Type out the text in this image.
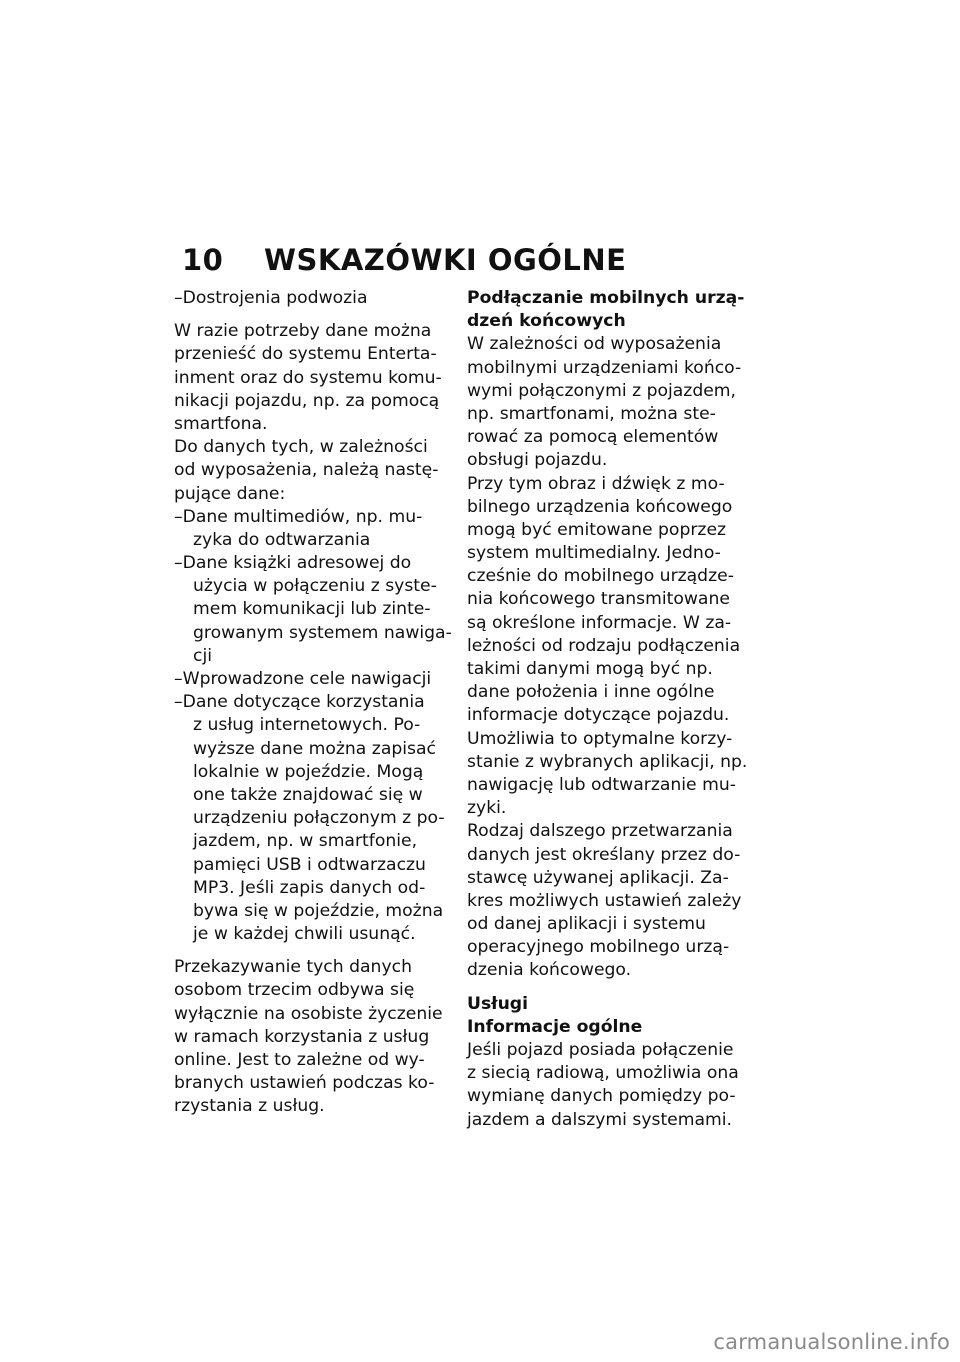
10 WSKAZÓWKI OGÓLNE
–Dostrojenia podwozia
W razie potrzeby dane można
przenieść do systemu Enterta-
inment oraz do systemu komu-
nikacji pojazdu, np. za pomocą
smartfona.
Do danych tych, w zależności
od wyposażenia, należą nastę-
pujące dane:
–Dane multimediów, np. mu-
zyka do odtwarzania
–Dane książki adresowej do
użycia w połączeniu z syste-
mem komunikacji lub zinte-
growanym systemem nawiga-
cji
–Wprowadzone cele nawigacji
–Dane dotyczące korzystania
z usług internetowych. Po-
wyższe dane można zapisać
lokalnie w pojeździe. Mogą
one także znajdować się w
urządzeniu połączonym z po-
jazdem, np. w smartfonie,
pamięci USB i odtwarzaczu
MP3. Jeśli zapis danych od-
bywa się w pojeździe, można
je w każdej chwili usunąć.
Przekazywanie tych danych
osobom trzecim odbywa się
wyłącznie na osobiste życzenie
w ramach korzystania z usług
online. Jest to zależne od wy-
branych ustawień podczas ko-
rzystania z usług.
Podłączanie mobilnych urzą-
dzeń końcowych
W zależności od wyposażenia
mobilnymi urządzeniami końco-
wymi połączonymi z pojazdem,
np. smartfonami, można ste-
rować za pomocą elementów
obsługi pojazdu.
Przy tym obraz i dźwięk z mo-
bilnego urządzenia końcowego
mogą być emitowane poprzez
system multimedialny. Jedno-
cześnie do mobilnego urządze-
nia końcowego transmitowane
są określone informacje. W za-
leżności od rodzaju podłączenia
takimi danymi mogą być np.
dane położenia i inne ogólne
informacje dotyczące pojazdu.
Umożliwia to optymalne korzy-
stanie z wybranych aplikacji, np.
nawigację lub odtwarzanie mu-
zyki.
Rodzaj dalszego przetwarzania
danych jest określany przez do-
stawcę używanej aplikacji. Za-
kres możliwych ustawień zależy
od danej aplikacji i systemu
operacyjnego mobilnego urzą-
dzenia końcowego.
Usługi
Informacje ogólne
Jeśli pojazd posiada połączenie
z siecią radiową, umożliwia ona
wymianę danych pomiędzy po-
jazdem a dalszymi systemami.
carmanualsonline.info
